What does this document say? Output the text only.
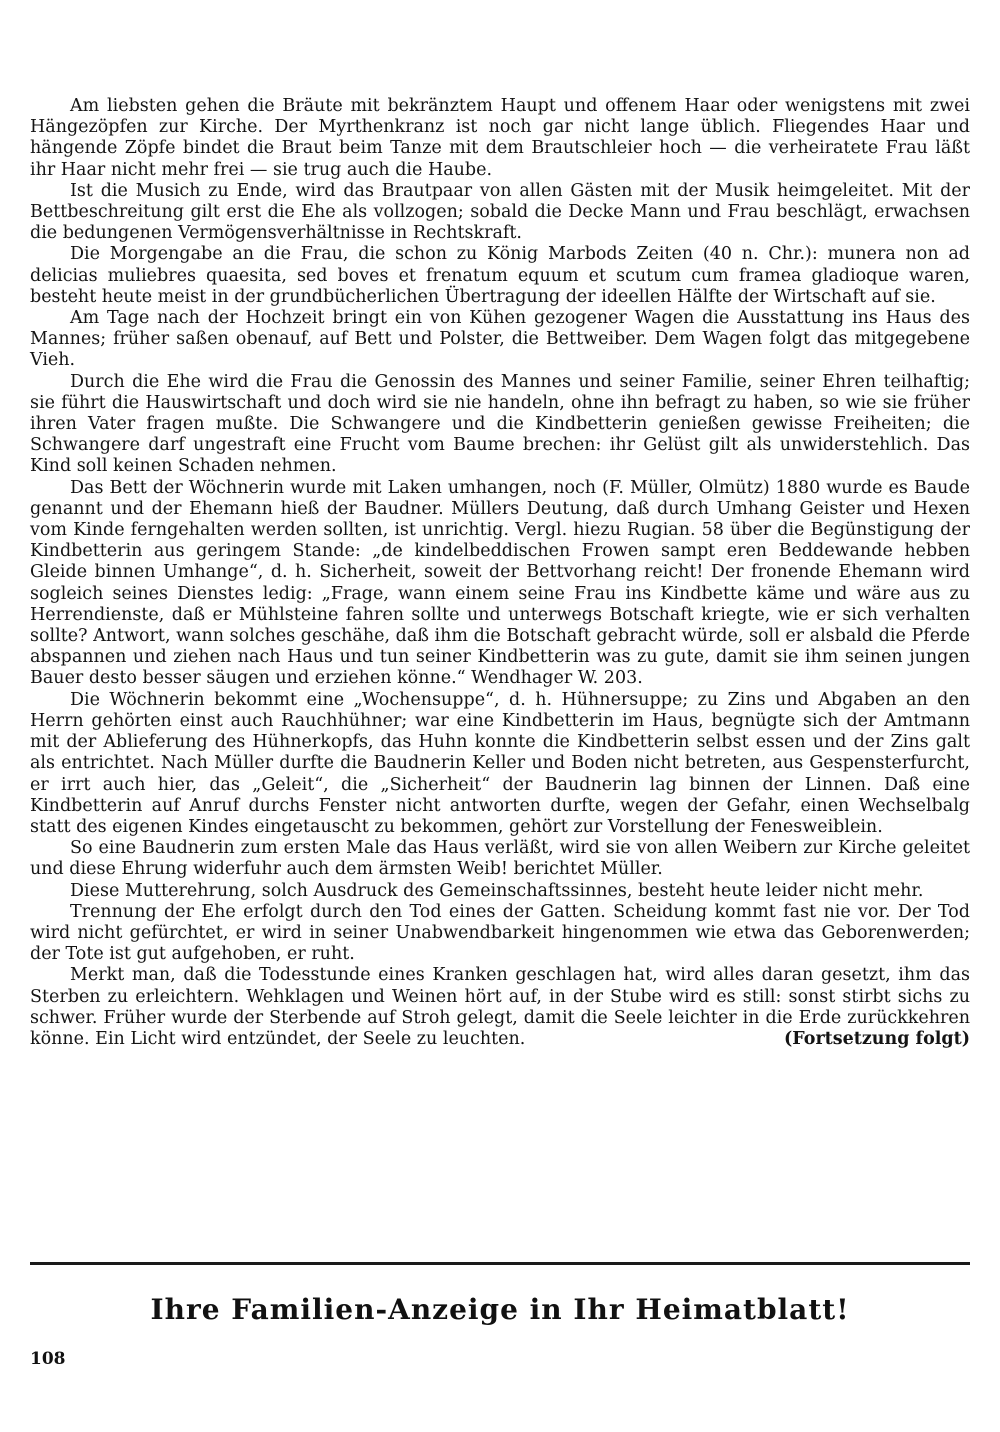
Am liebsten gehen die Bräute mit bekränztem Haupt und offenem Haar oder wenigstens mit zwei Hängezöpfen zur Kirche. Der Myrthenkranz ist noch gar nicht lange üblich. Fliegendes Haar und hängende Zöpfe bindet die Braut beim Tanze mit dem Brautschleier hoch — die verheiratete Frau läßt ihr Haar nicht mehr frei — sie trug auch die Haube.

Ist die Musich zu Ende, wird das Brautpaar von allen Gästen mit der Musik heimgeleitet. Mit der Bettbeschreitung gilt erst die Ehe als vollzogen; sobald die Decke Mann und Frau beschlägt, erwachsen die bedungenen Vermögensverhältnisse in Rechtskraft.

Die Morgengabe an die Frau, die schon zu König Marbods Zeiten (40 n. Chr.): munera non ad delicias muliebres quaesita, sed boves et frenatum equum et scutum cum framea gladioque waren, besteht heute meist in der grundbücherlichen Übertragung der ideellen Hälfte der Wirtschaft auf sie.

Am Tage nach der Hochzeit bringt ein von Kühen gezogener Wagen die Ausstattung ins Haus des Mannes; früher saßen obenauf, auf Bett und Polster, die Bettweiber. Dem Wagen folgt das mitgegebene Vieh.

Durch die Ehe wird die Frau die Genossin des Mannes und seiner Familie, seiner Ehren teilhaftig; sie führt die Hauswirtschaft und doch wird sie nie handeln, ohne ihn befragt zu haben, so wie sie früher ihren Vater fragen mußte. Die Schwangere und die Kindbetterin genießen gewisse Freiheiten; die Schwangere darf ungestraft eine Frucht vom Baume brechen: ihr Gelüst gilt als unwiderstehlich. Das Kind soll keinen Schaden nehmen.

Das Bett der Wöchnerin wurde mit Laken umhangen, noch (F. Müller, Olmütz) 1880 wurde es Baude genannt und der Ehemann hieß der Baudner. Müllers Deutung, daß durch Umhang Geister und Hexen vom Kinde ferngehalten werden sollten, ist unrichtig. Vergl. hiezu Rugian. 58 über die Begünstigung der Kindbetterin aus geringem Stande: „de kindelbeddischen Frowen sampt eren Beddewande hebben Gleide binnen Umhange“, d. h. Sicherheit, soweit der Bettvorhang reicht! Der fronende Ehemann wird sogleich seines Dienstes ledig: „Frage, wann einem seine Frau ins Kindbette käme und wäre aus zu Herrendienste, daß er Mühlsteine fahren sollte und unterwegs Botschaft kriegte, wie er sich verhalten sollte? Antwort, wann solches geschähe, daß ihm die Botschaft gebracht würde, soll er alsbald die Pferde abspannen und ziehen nach Haus und tun seiner Kindbetterin was zu gute, damit sie ihm seinen jungen Bauer desto besser säugen und erziehen könne.“ Wendhager W. 203.

Die Wöchnerin bekommt eine „Wochensuppe“, d. h. Hühnersuppe; zu Zins und Abgaben an den Herrn gehörten einst auch Rauchhühner; war eine Kindbetterin im Haus, begnügte sich der Amtmann mit der Ablieferung des Hühnerkopfs, das Huhn konnte die Kindbetterin selbst essen und der Zins galt als entrichtet. Nach Müller durfte die Baudnerin Keller und Boden nicht betreten, aus Gespensterfurcht, er irrt auch hier, das „Geleit“, die „Sicherheit“ der Baudnerin lag binnen der Linnen. Daß eine Kindbetterin auf Anruf durchs Fenster nicht antworten durfte, wegen der Gefahr, einen Wechselbalg statt des eigenen Kindes eingetauscht zu bekommen, gehört zur Vorstellung der Fenesweiblein.

So eine Baudnerin zum ersten Male das Haus verläßt, wird sie von allen Weibern zur Kirche geleitet und diese Ehrung widerfuhr auch dem ärmsten Weib! berichtet Müller.

Diese Mutterehrung, solch Ausdruck des Gemeinschaftssinnes, besteht heute leider nicht mehr.

Trennung der Ehe erfolgt durch den Tod eines der Gatten. Scheidung kommt fast nie vor. Der Tod wird nicht gefürchtet, er wird in seiner Unabwendbarkeit hingenommen wie etwa das Geborenwerden; der Tote ist gut aufgehoben, er ruht.

Merkt man, daß die Todesstunde eines Kranken geschlagen hat, wird alles daran gesetzt, ihm das Sterben zu erleichtern. Wehklagen und Weinen hört auf, in der Stube wird es still: sonst stirbt sichs zu schwer. Früher wurde der Sterbende auf Stroh gelegt, damit die Seele leichter in die Erde zurückkehren könne. Ein Licht wird entzündet, der Seele zu leuchten.	(Fortsetzung folgt)
Ihre Familien-Anzeige in Ihr Heimatblatt!
108
